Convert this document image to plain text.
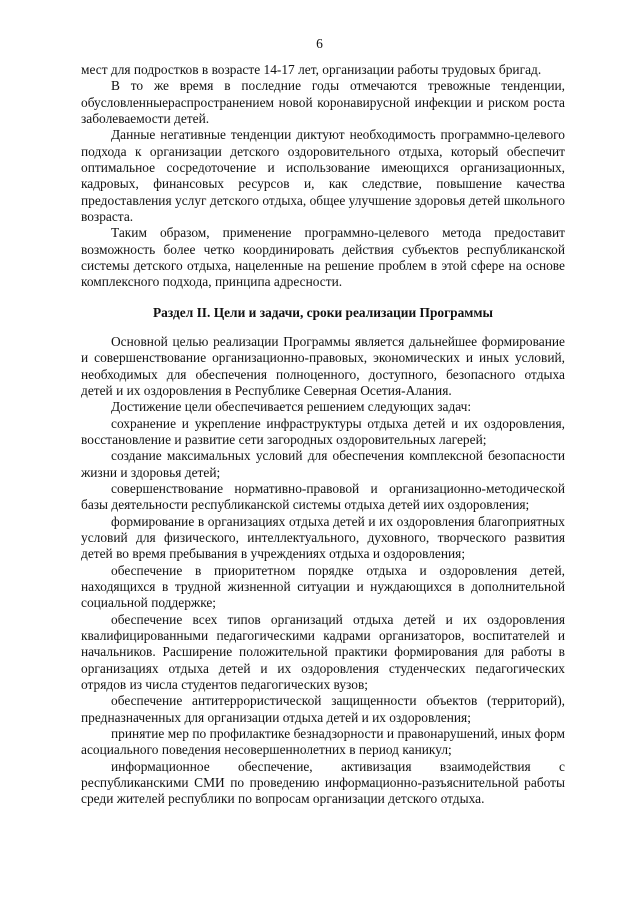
6

мест для подростков в возрасте 14-17 лет, организации работы трудовых бригад.

В то же время в последние годы отмечаются тревожные тенденции, обусловленныераспространением новой коронавирусной инфекции и риском роста заболеваемости детей.

Данные негативные тенденции диктуют необходимость программно-целевого подхода к организации детского оздоровительного отдыха, который обеспечит оптимальное сосредоточение и использование имеющихся организационных, кадровых, финансовых ресурсов и, как следствие, повышение качества предоставления услуг детского отдыха, общее улучшение здоровья детей школьного возраста.

Таким образом, применение программно-целевого метода предоставит возможность более четко координировать действия субъектов республиканской системы детского отдыха, нацеленные на решение проблем в этой сфере на основе комплексного подхода, принципа адресности.

Раздел II. Цели и задачи, сроки реализации Программы

Основной целью реализации Программы является дальнейшее формирование и совершенствование организационно-правовых, экономических и иных условий, необходимых для обеспечения полноценного, доступного, безопасного отдыха детей и их оздоровления в Республике Северная Осетия-Алания.

Достижение цели обеспечивается решением следующих задач:

сохранение и укрепление инфраструктуры отдыха детей и их оздоровления, восстановление и развитие сети загородных оздоровительных лагерей;

создание максимальных условий для обеспечения комплексной безопасности жизни и здоровья детей;

совершенствование нормативно-правовой и организационно-методической базы деятельности республиканской системы отдыха детей иих оздоровления;

формирование в организациях отдыха детей и их оздоровления благоприятных условий для физического, интеллектуального, духовного, творческого развития детей во время пребывания в учреждениях отдыха и оздоровления;

обеспечение в приоритетном порядке отдыха и оздоровления детей, находящихся в трудной жизненной ситуации и нуждающихся в дополнительной социальной поддержке;

обеспечение всех типов организаций отдыха детей и их оздоровления квалифицированными педагогическими кадрами организаторов, воспитателей и начальников. Расширение положительной практики формирования для работы в организациях отдыха детей и их оздоровления студенческих педагогических отрядов из числа студентов педагогических вузов;

обеспечение антитеррористической защищенности объектов (территорий), предназначенных для организации отдыха детей и их оздоровления;

принятие мер по профилактике безнадзорности и правонарушений, иных форм асоциального поведения несовершеннолетних в период каникул;

информационное обеспечение, активизация взаимодействия с республиканскими СМИ по проведению информационно-разъяснительной работы среди жителей республики по вопросам организации детского отдыха.
